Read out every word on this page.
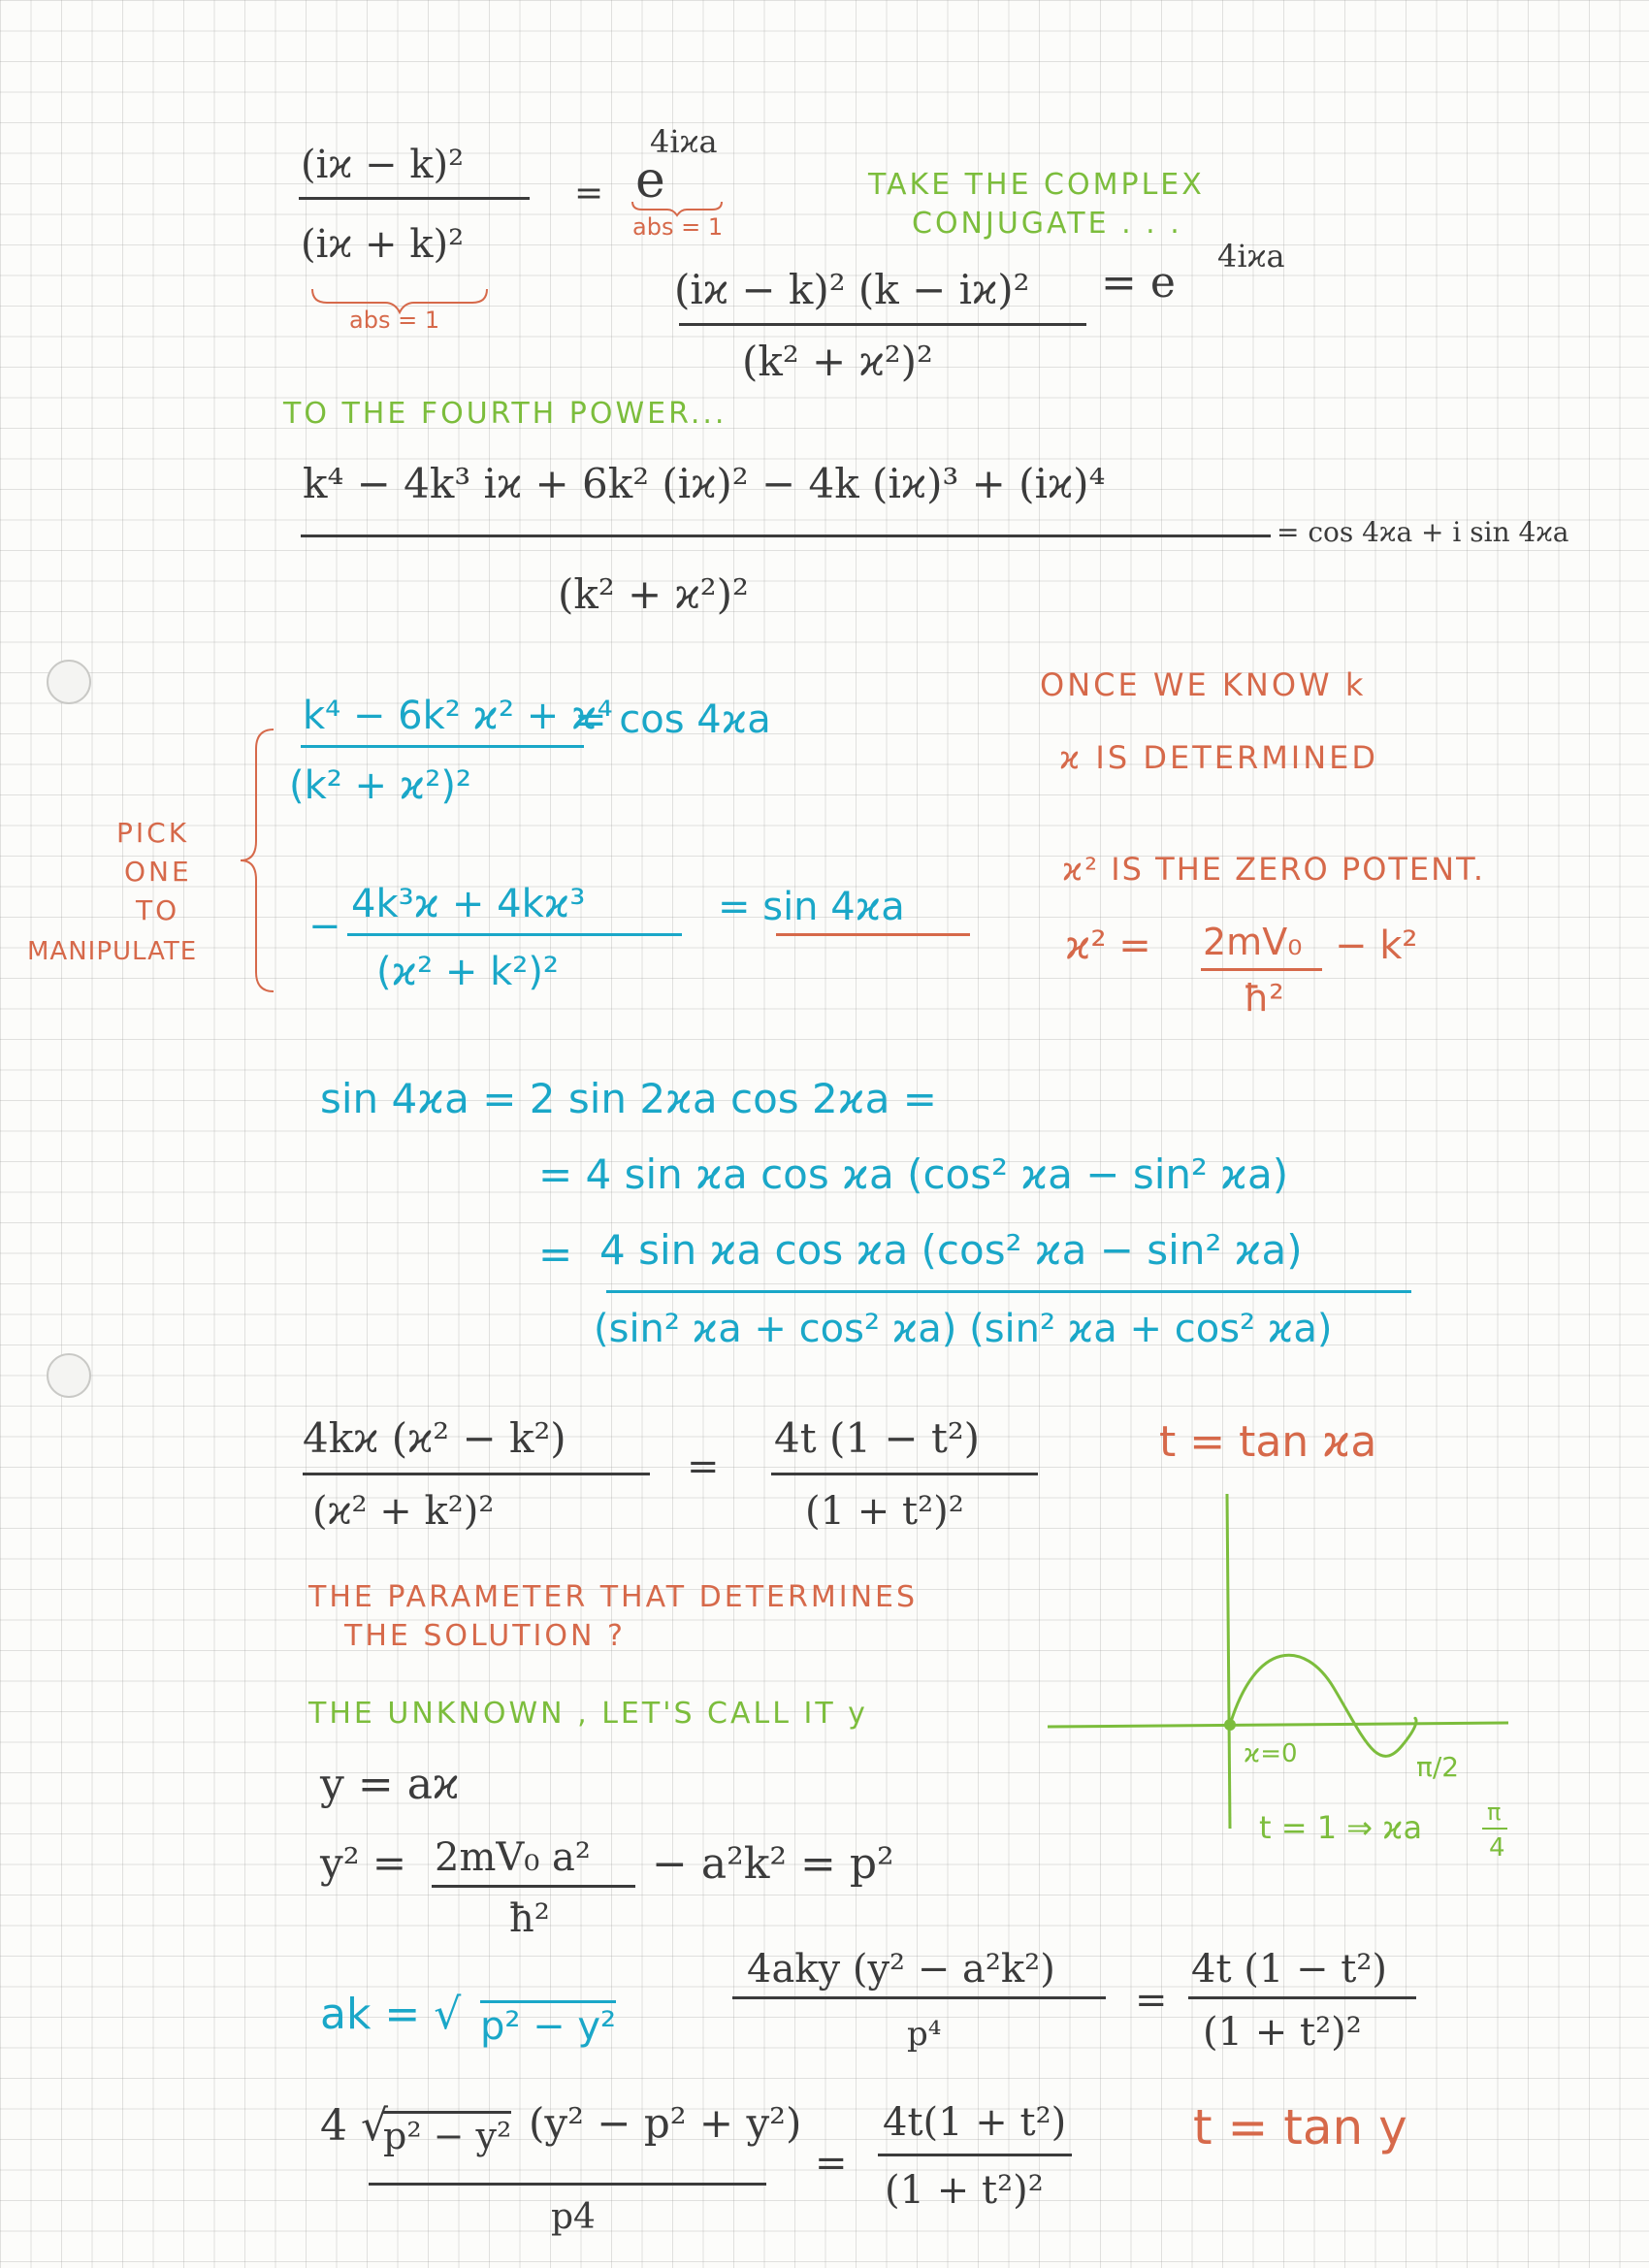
(iϰ − k)²
(iϰ + k)²
abs = 1
= e
4iϰa
abs = 1
TAKE THE COMPLEX
CONJUGATE . . .
(iϰ − k)² (k − iϰ)²
(k² + ϰ²)²
= e
4iϰa
TO THE FOURTH POWER...
k⁴ − 4k³ iϰ + 6k² (iϰ)² − 4k (iϰ)³ + (iϰ)⁴
= cos 4ϰa + i sin 4ϰa
(k² + ϰ²)²
k⁴ − 6k² ϰ² + ϰ⁴
(k² + ϰ²)²
= cos 4ϰa
− 4k³ϰ + 4kϰ³
(ϰ² + k²)²
= sin 4ϰa
PICK
ONE
TO
MANIPULATE
ONCE WE KNOW k
ϰ IS DETERMINED
ϰ² IS THE ZERO POTENT.
ϰ² = 2mV₀
ħ²
− k²
sin 4ϰa = 2 sin 2ϰa cos 2ϰa =
= 4 sin ϰa cos ϰa (cos² ϰa − sin² ϰa)
= 4 sin ϰa cos ϰa (cos² ϰa − sin² ϰa)
(sin² ϰa + cos² ϰa) (sin² ϰa + cos² ϰa)
4kϰ (ϰ² − k²)
(ϰ² + k²)²
=
4t (1 − t²)
(1 + t²)²
t = tan ϰa
THE PARAMETER THAT DETERMINES
THE SOLUTION ?
THE UNKNOWN , LET'S CALL IT y
ϰ=0	π/2
t = 1 ⇒ ϰa	π
4
y = aϰ
y² = 2mV₀ a²
ħ²
− a²k² = p²
ak = √ p² − y²
4aky (y² − a²k²)
p⁴
=
4t (1 − t²)
(1 + t²)²
4 √
p² − y² (y² − p² + y²)
p4
=
4t(1 + t²)
(1 + t²)²
t = tan y
